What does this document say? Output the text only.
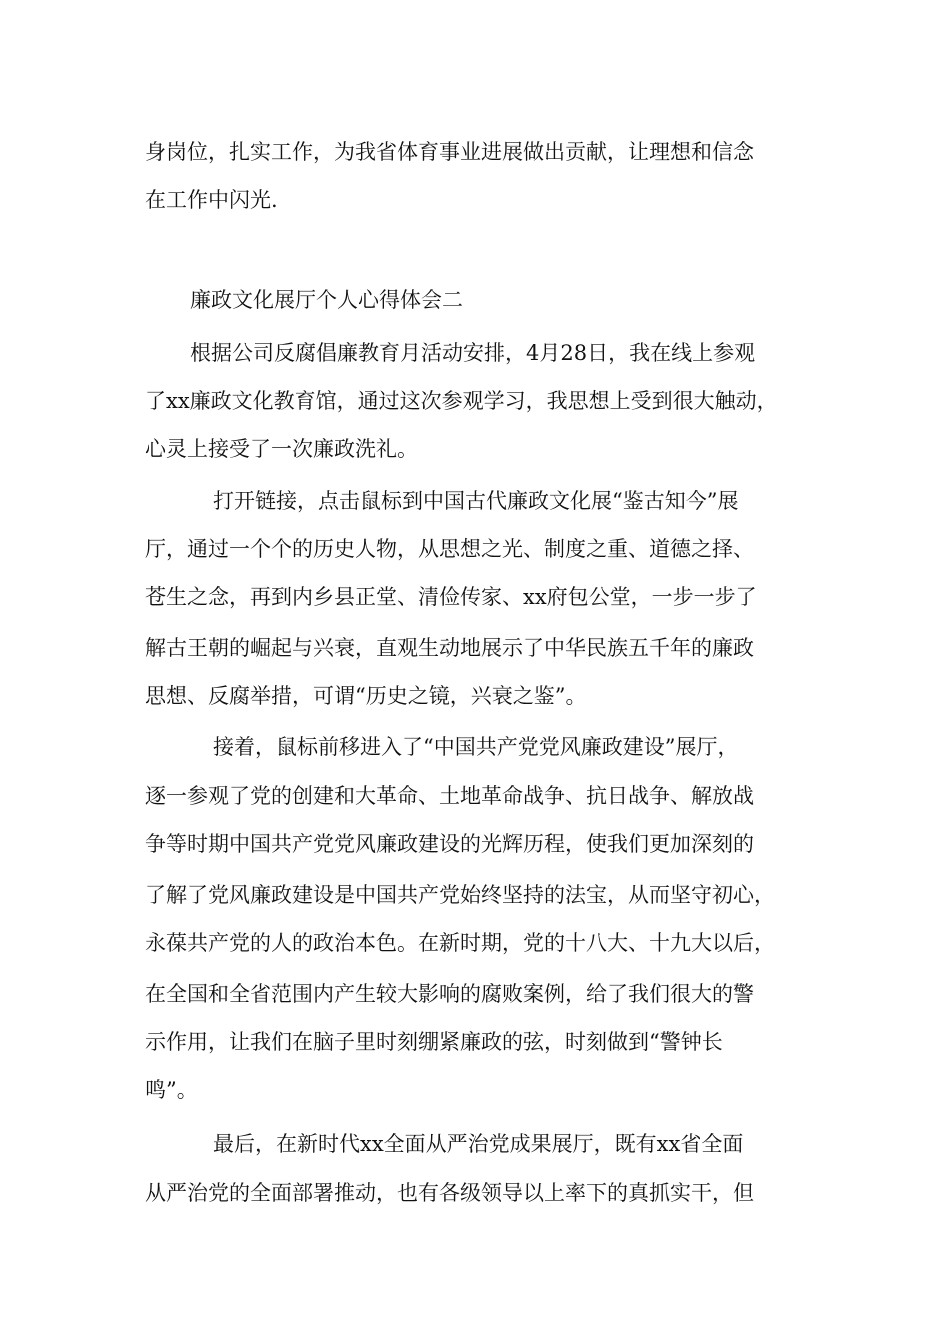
身岗位，扎实工作，为我省体育事业进展做出贡献，让理想和信念

在工作中闪光.

廉政文化展厅个人心得体会二

根据公司反腐倡廉教育月活动安排，4月28日，我在线上参观

了xx廉政文化教育馆，通过这次参观学习，我思想上受到很大触动，

心灵上接受了一次廉政洗礼。

打开链接，点击鼠标到中国古代廉政文化展“鉴古知今”展

厅，通过一个个的历史人物，从思想之光、制度之重、道德之择、

苍生之念，再到内乡县正堂、清俭传家、xx府包公堂，一步一步了

解古王朝的崛起与兴衰，直观生动地展示了中华民族五千年的廉政

思想、反腐举措，可谓“历史之镜，兴衰之鉴”。

接着，鼠标前移进入了“中国共产党党风廉政建设”展厅，

逐一参观了党的创建和大革命、土地革命战争、抗日战争、解放战

争等时期中国共产党党风廉政建设的光辉历程，使我们更加深刻的

了解了党风廉政建设是中国共产党始终坚持的法宝，从而坚守初心，

永葆共产党的人的政治本色。在新时期，党的十八大、十九大以后，

在全国和全省范围内产生较大影响的腐败案例，给了我们很大的警

示作用，让我们在脑子里时刻绷紧廉政的弦，时刻做到“警钟长

鸣”。

最后，在新时代xx全面从严治党成果展厅，既有xx省全面

从严治党的全面部署推动，也有各级领导以上率下的真抓实干，但
